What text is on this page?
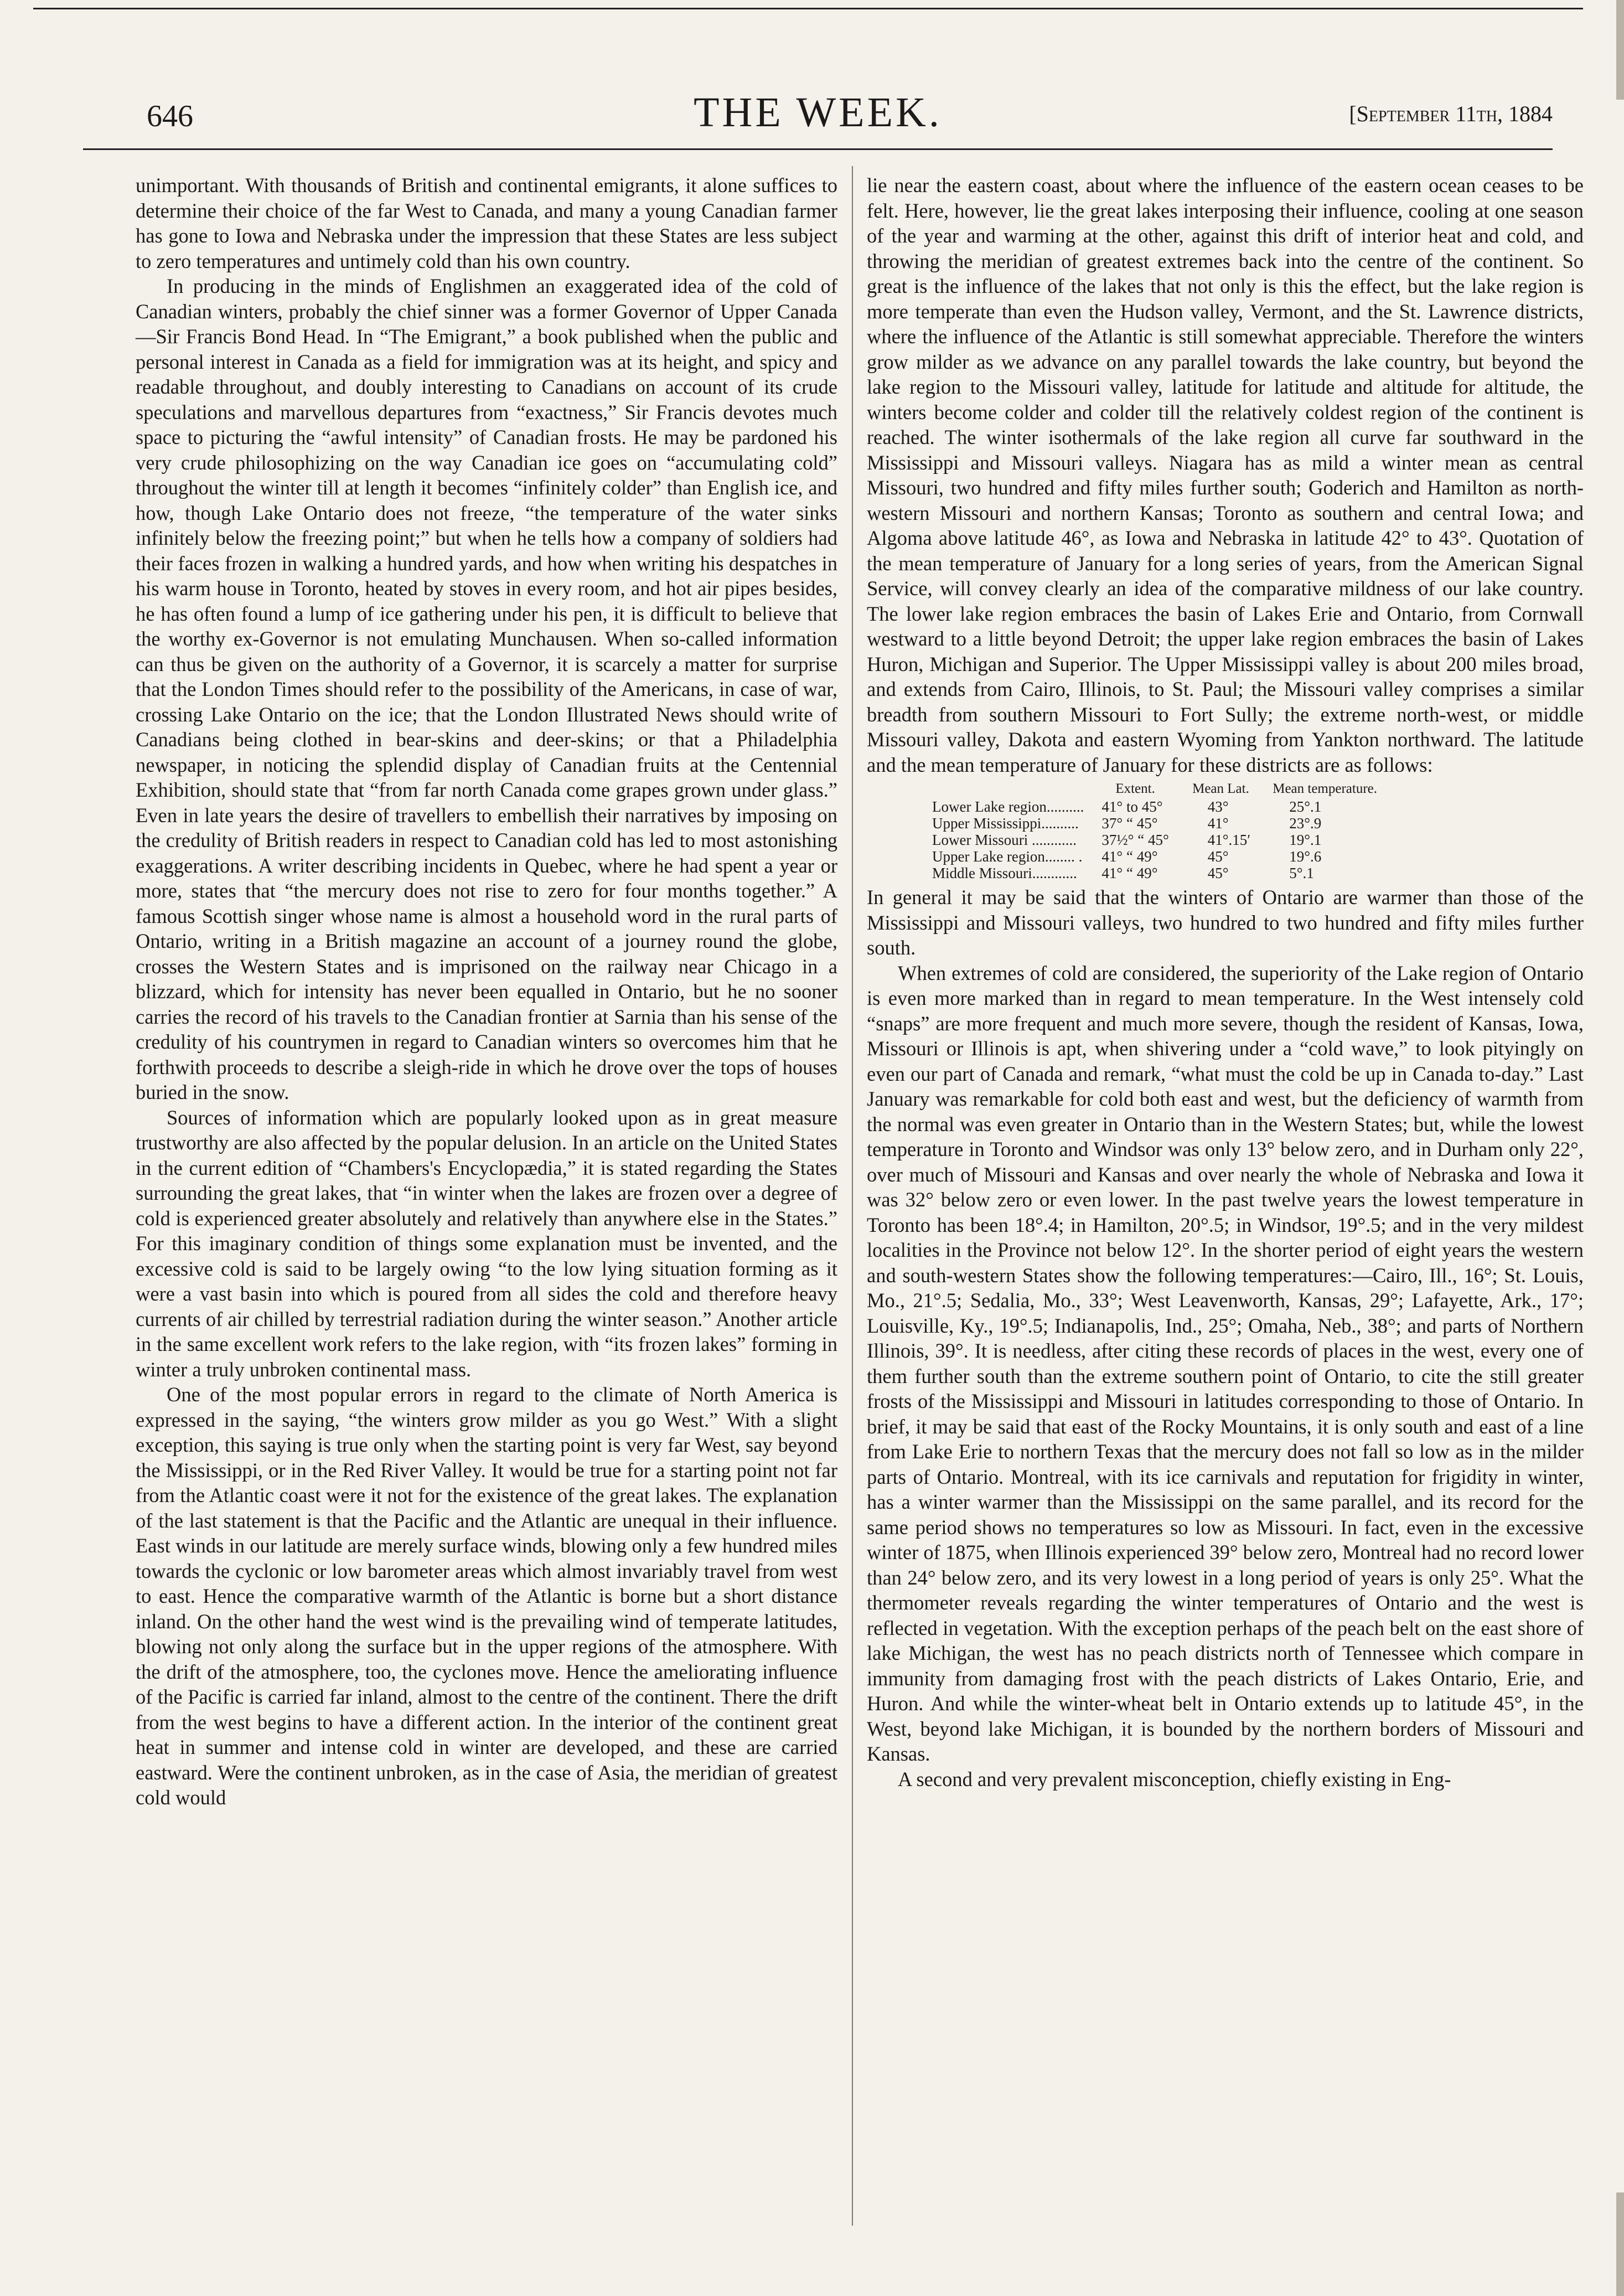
646	THE WEEK.	[September 11th, 1884

unimportant. With thousands of British and continental emigrants, it alone suffices to determine their choice of the far West to Canada, and many a young Canadian farmer has gone to Iowa and Nebraska under the impression that these States are less subject to zero temperatures and untimely cold than his own country.

In producing in the minds of Englishmen an exaggerated idea of the cold of Canadian winters, probably the chief sinner was a former Governor of Upper Canada—Sir Francis Bond Head. In “The Emigrant,” a book published when the public and personal interest in Canada as a field for immigration was at its height, and spicy and readable throughout, and doubly interesting to Canadians on account of its crude speculations and marvellous departures from “exactness,” Sir Francis devotes much space to picturing the “awful intensity” of Canadian frosts. He may be pardoned his very crude philosophizing on the way Canadian ice goes on “accumulating cold” throughout the winter till at length it becomes “infinitely colder” than English ice, and how, though Lake Ontario does not freeze, “the temperature of the water sinks infinitely below the freezing point;” but when he tells how a company of soldiers had their faces frozen in walking a hundred yards, and how when writing his despatches in his warm house in Toronto, heated by stoves in every room, and hot air pipes besides, he has often found a lump of ice gathering under his pen, it is difficult to believe that the worthy ex-Governor is not emulating Munchausen. When so-called information can thus be given on the authority of a Governor, it is scarcely a matter for surprise that the London Times should refer to the possibility of the Americans, in case of war, crossing Lake Ontario on the ice; that the London Illustrated News should write of Canadians being clothed in bear-skins and deer-skins; or that a Philadelphia newspaper, in noticing the splendid display of Canadian fruits at the Centennial Exhibition, should state that “from far north Canada come grapes grown under glass.” Even in late years the desire of travellers to embellish their narratives by imposing on the credulity of British readers in respect to Canadian cold has led to most astonishing exaggerations. A writer describing incidents in Quebec, where he had spent a year or more, states that “the mercury does not rise to zero for four months together.” A famous Scottish singer whose name is almost a household word in the rural parts of Ontario, writing in a British magazine an account of a journey round the globe, crosses the Western States and is imprisoned on the railway near Chicago in a blizzard, which for intensity has never been equalled in Ontario, but he no sooner carries the record of his travels to the Canadian frontier at Sarnia than his sense of the credulity of his countrymen in regard to Canadian winters so overcomes him that he forthwith proceeds to describe a sleigh-ride in which he drove over the tops of houses buried in the snow.

Sources of information which are popularly looked upon as in great measure trustworthy are also affected by the popular delusion. In an article on the United States in the current edition of “Chambers's Encyclopædia,” it is stated regarding the States surrounding the great lakes, that “in winter when the lakes are frozen over a degree of cold is experienced greater absolutely and relatively than anywhere else in the States.” For this imaginary condition of things some explanation must be invented, and the excessive cold is said to be largely owing “to the low lying situation forming as it were a vast basin into which is poured from all sides the cold and therefore heavy currents of air chilled by terrestrial radiation during the winter season.” Another article in the same excellent work refers to the lake region, with “its frozen lakes” forming in winter a truly unbroken continental mass.

One of the most popular errors in regard to the climate of North America is expressed in the saying, “the winters grow milder as you go West.” With a slight exception, this saying is true only when the starting point is very far West, say beyond the Mississippi, or in the Red River Valley. It would be true for a starting point not far from the Atlantic coast were it not for the existence of the great lakes. The explanation of the last statement is that the Pacific and the Atlantic are unequal in their influence. East winds in our latitude are merely surface winds, blowing only a few hundred miles towards the cyclonic or low barometer areas which almost invariably travel from west to east. Hence the comparative warmth of the Atlantic is borne but a short distance inland. On the other hand the west wind is the prevailing wind of temperate latitudes, blowing not only along the surface but in the upper regions of the atmosphere. With the drift of the atmosphere, too, the cyclones move. Hence the ameliorating influence of the Pacific is carried far inland, almost to the centre of the continent. There the drift from the west begins to have a different action. In the interior of the continent great heat in summer and intense cold in winter are developed, and these are carried eastward. Were the continent unbroken, as in the case of Asia, the meridian of greatest cold would

lie near the eastern coast, about where the influence of the eastern ocean ceases to be felt. Here, however, lie the great lakes interposing their influence, cooling at one season of the year and warming at the other, against this drift of interior heat and cold, and throwing the meridian of greatest extremes back into the centre of the continent. So great is the influence of the lakes that not only is this the effect, but the lake region is more temperate than even the Hudson valley, Vermont, and the St. Lawrence districts, where the influence of the Atlantic is still somewhat appreciable. Therefore the winters grow milder as we advance on any parallel towards the lake country, but beyond the lake region to the Missouri valley, latitude for latitude and altitude for altitude, the winters become colder and colder till the relatively coldest region of the continent is reached. The winter isothermals of the lake region all curve far southward in the Mississippi and Missouri valleys. Niagara has as mild a winter mean as central Missouri, two hundred and fifty miles further south; Goderich and Hamilton as north-western Missouri and northern Kansas; Toronto as southern and central Iowa; and Algoma above latitude 46°, as Iowa and Nebraska in latitude 42° to 43°. Quotation of the mean temperature of January for a long series of years, from the American Signal Service, will convey clearly an idea of the comparative mildness of our lake country. The lower lake region embraces the basin of Lakes Erie and Ontario, from Cornwall westward to a little beyond Detroit; the upper lake region embraces the basin of Lakes Huron, Michigan and Superior. The Upper Mississippi valley is about 200 miles broad, and extends from Cairo, Illinois, to St. Paul; the Missouri valley comprises a similar breadth from southern Missouri to Fort Sully; the extreme north-west, or middle Missouri valley, Dakota and eastern Wyoming from Yankton northward. The latitude and the mean temperature of January for these districts are as follows:

	Extent.	Mean Lat.	Mean temperature.
Lower Lake region..........	41° to 45°	43°	25°.1
Upper Mississippi..........	37° “ 45°	41°	23°.9
Lower Missouri ............	37½° “ 45°	41°.15′	19°.1
Upper Lake region........ .	41° “ 49°	45°	19°.6
Middle Missouri............	41° “ 49°	45°	5°.1

In general it may be said that the winters of Ontario are warmer than those of the Mississippi and Missouri valleys, two hundred to two hundred and fifty miles further south.

When extremes of cold are considered, the superiority of the Lake region of Ontario is even more marked than in regard to mean temperature. In the West intensely cold “snaps” are more frequent and much more severe, though the resident of Kansas, Iowa, Missouri or Illinois is apt, when shivering under a “cold wave,” to look pityingly on even our part of Canada and remark, “what must the cold be up in Canada to-day.” Last January was remarkable for cold both east and west, but the deficiency of warmth from the normal was even greater in Ontario than in the Western States; but, while the lowest temperature in Toronto and Windsor was only 13° below zero, and in Durham only 22°, over much of Missouri and Kansas and over nearly the whole of Nebraska and Iowa it was 32° below zero or even lower. In the past twelve years the lowest temperature in Toronto has been 18°.4; in Hamilton, 20°.5; in Windsor, 19°.5; and in the very mildest localities in the Province not below 12°. In the shorter period of eight years the western and south-western States show the following temperatures:—Cairo, Ill., 16°; St. Louis, Mo., 21°.5; Sedalia, Mo., 33°; West Leavenworth, Kansas, 29°; Lafayette, Ark., 17°; Louisville, Ky., 19°.5; Indianapolis, Ind., 25°; Omaha, Neb., 38°; and parts of Northern Illinois, 39°. It is needless, after citing these records of places in the west, every one of them further south than the extreme southern point of Ontario, to cite the still greater frosts of the Mississippi and Missouri in latitudes corresponding to those of Ontario. In brief, it may be said that east of the Rocky Mountains, it is only south and east of a line from Lake Erie to northern Texas that the mercury does not fall so low as in the milder parts of Ontario. Montreal, with its ice carnivals and reputation for frigidity in winter, has a winter warmer than the Mississippi on the same parallel, and its record for the same period shows no temperatures so low as Missouri. In fact, even in the excessive winter of 1875, when Illinois experienced 39° below zero, Montreal had no record lower than 24° below zero, and its very lowest in a long period of years is only 25°. What the thermometer reveals regarding the winter temperatures of Ontario and the west is reflected in vegetation. With the exception perhaps of the peach belt on the east shore of lake Michigan, the west has no peach districts north of Tennessee which compare in immunity from damaging frost with the peach districts of Lakes Ontario, Erie, and Huron. And while the winter-wheat belt in Ontario extends up to latitude 45°, in the West, beyond lake Michigan, it is bounded by the northern borders of Missouri and Kansas.

A second and very prevalent misconception, chiefly existing in Eng-
